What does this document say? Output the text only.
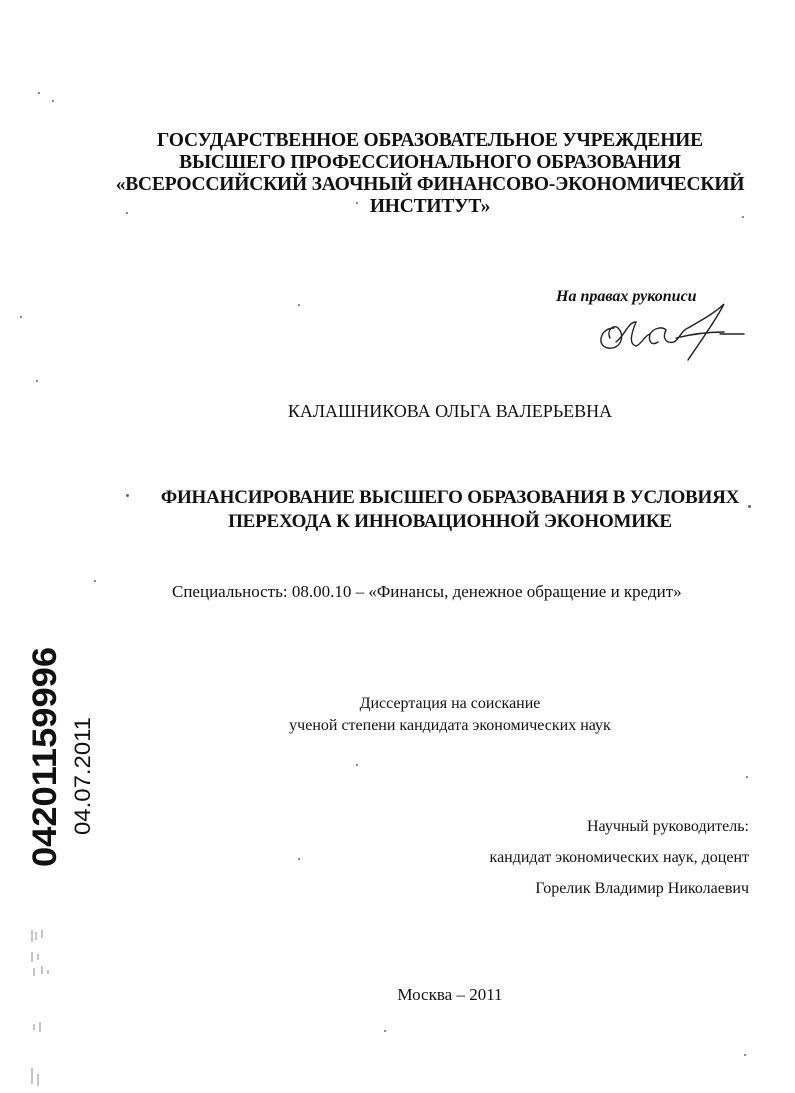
ГОСУДАРСТВЕННОЕ ОБРАЗОВАТЕЛЬНОЕ УЧРЕЖДЕНИЕ
ВЫСШЕГО ПРОФЕССИОНАЛЬНОГО ОБРАЗОВАНИЯ
«ВСЕРОССИЙСКИЙ ЗАОЧНЫЙ ФИНАНСОВО-ЭКОНОМИЧЕСКИЙ
ИНСТИТУТ»
На правах рукописи
КАЛАШНИКОВА ОЛЬГА ВАЛЕРЬЕВНА
ФИНАНСИРОВАНИЕ ВЫСШЕГО ОБРАЗОВАНИЯ В УСЛОВИЯХ
ПЕРЕХОДА К ИННОВАЦИОННОЙ ЭКОНОМИКЕ
Специальность: 08.00.10 – «Финансы, денежное обращение и кредит»
Диссертация на соискание
ученой степени кандидата экономических наук
Научный руководитель:
кандидат экономических наук, доцент
Горелик Владимир Николаевич
Москва – 2011
04201159996 04.07.2011
